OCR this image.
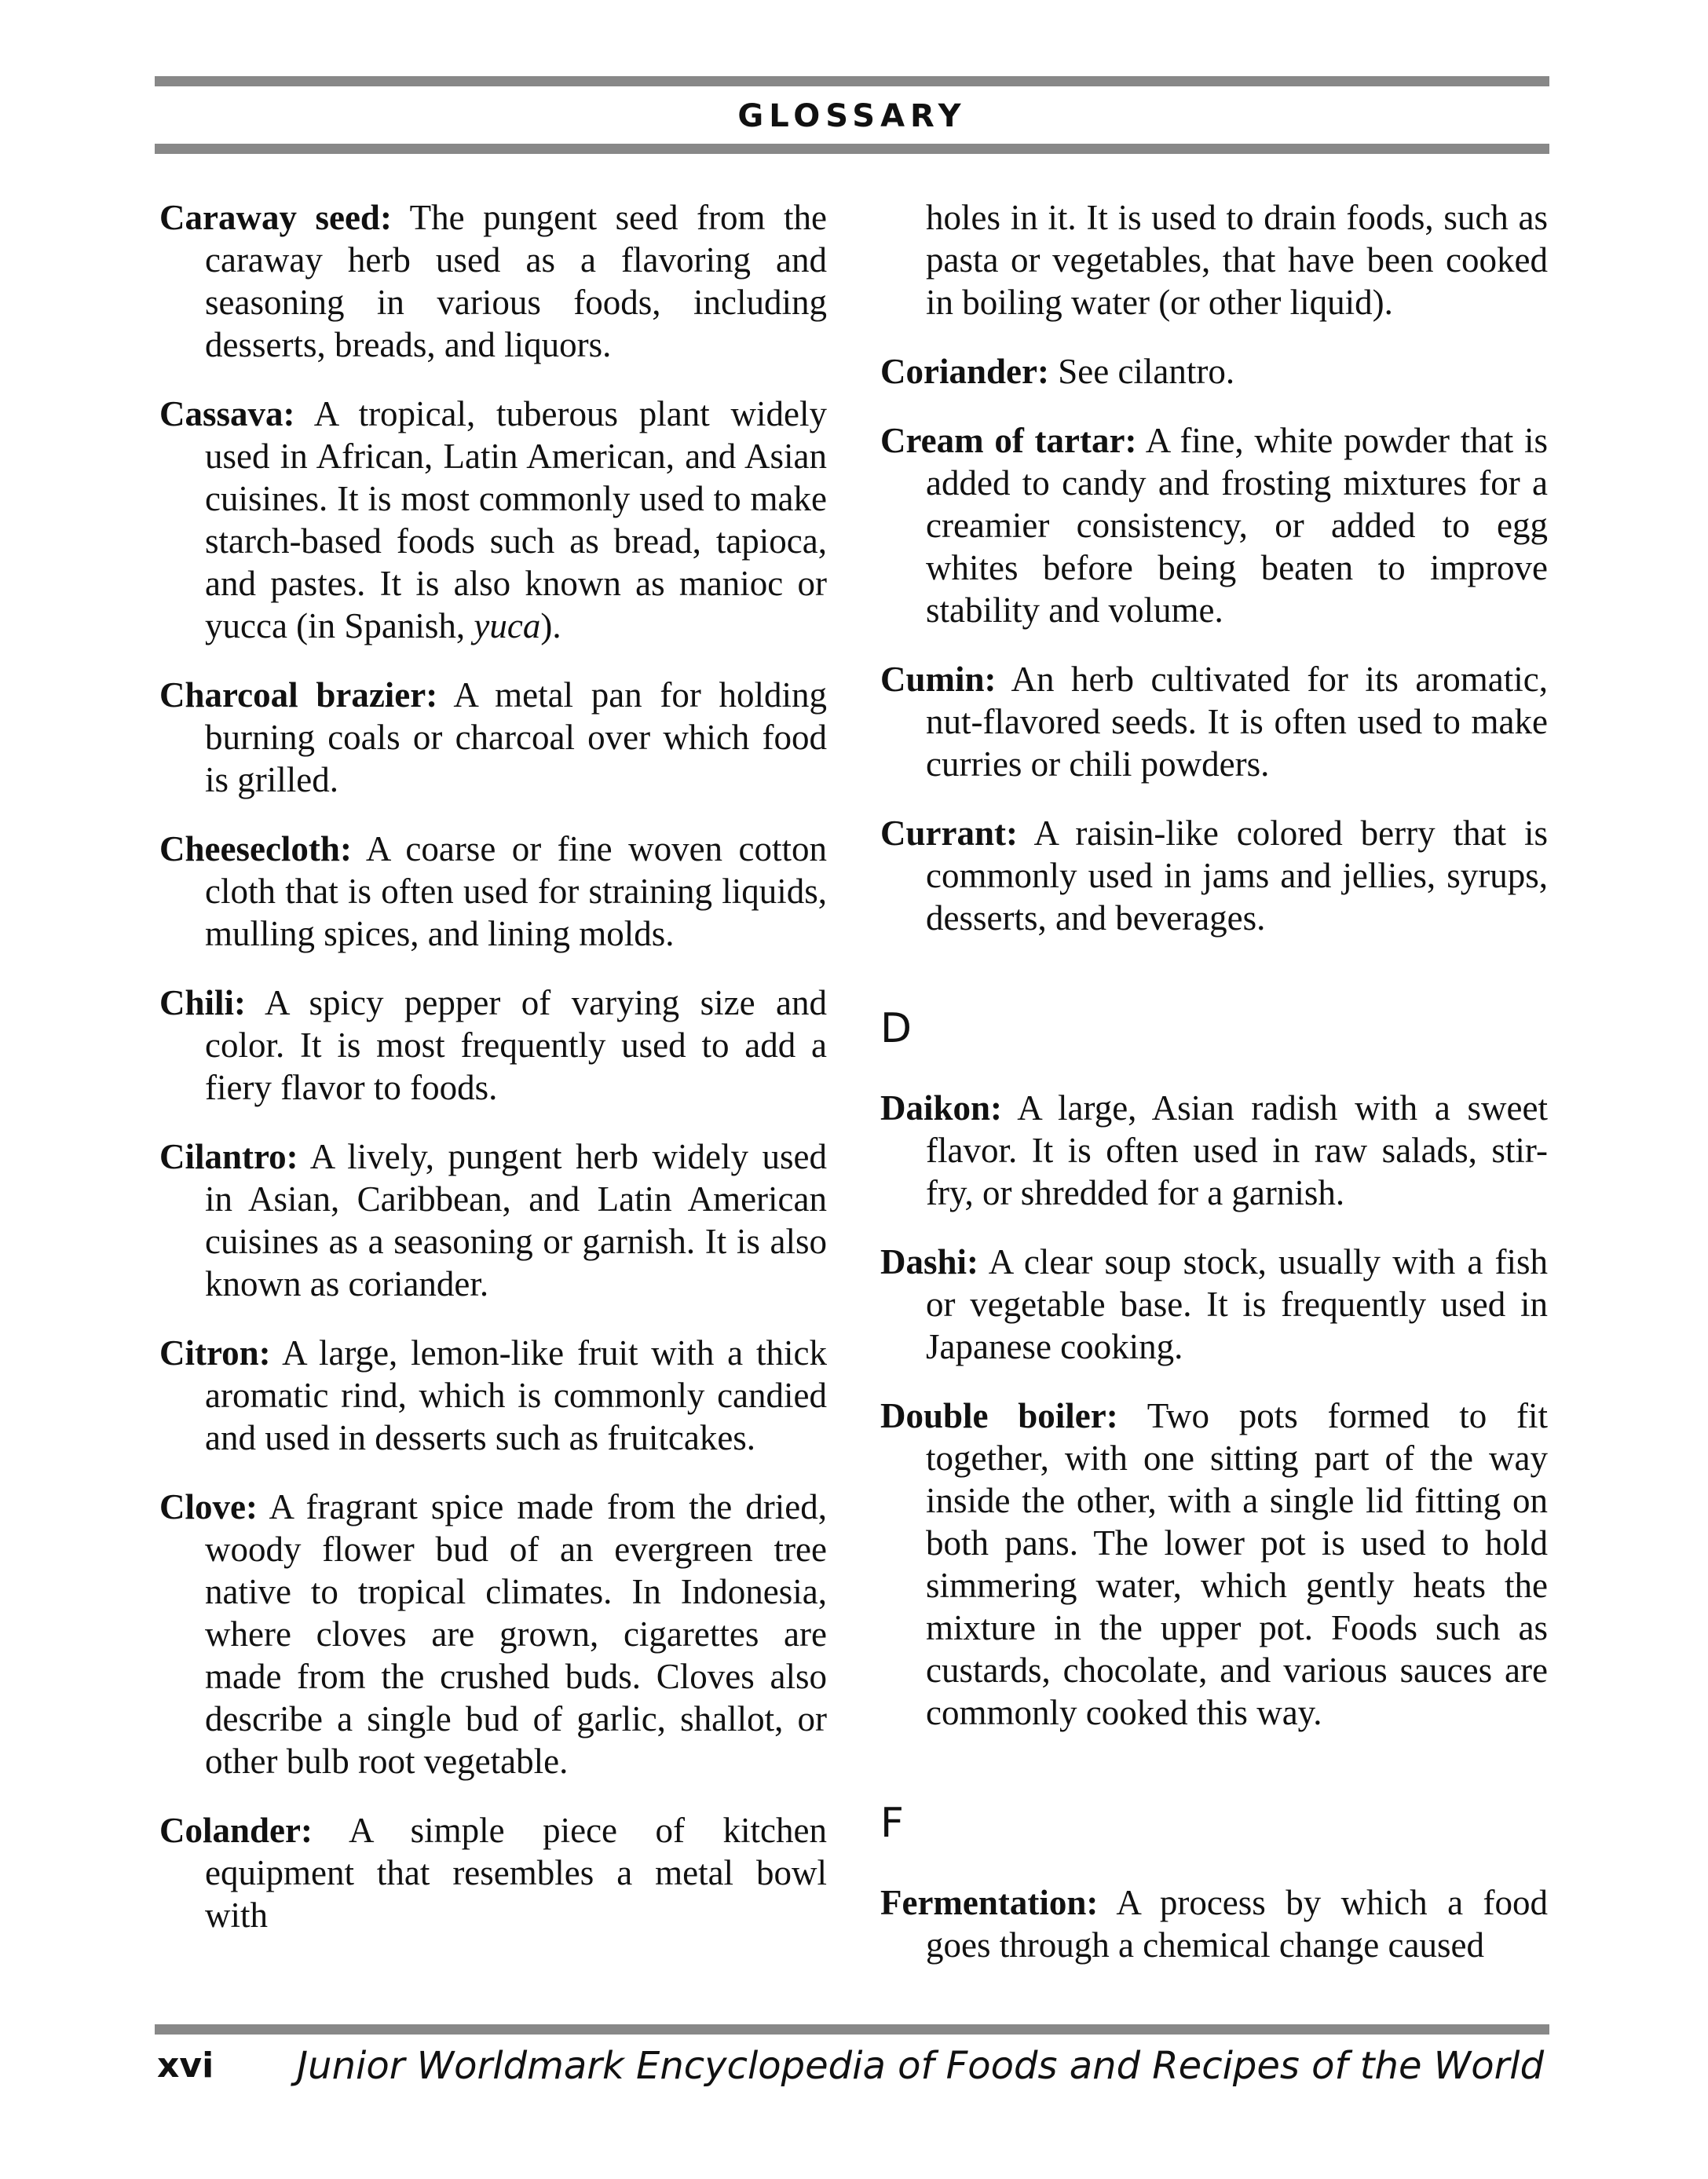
GLOSSARY

Caraway seed: The pungent seed from the caraway herb used as a flavoring and seasoning in various foods, including desserts, breads, and liquors.

Cassava: A tropical, tuberous plant widely used in African, Latin American, and Asian cuisines. It is most commonly used to make starch-based foods such as bread, tapioca, and pastes. It is also known as manioc or yucca (in Spanish, yuca).

Charcoal brazier: A metal pan for holding burning coals or charcoal over which food is grilled.

Cheesecloth: A coarse or fine woven cotton cloth that is often used for straining liquids, mulling spices, and lining molds.

Chili: A spicy pepper of varying size and color. It is most frequently used to add a fiery flavor to foods.

Cilantro: A lively, pungent herb widely used in Asian, Caribbean, and Latin American cuisines as a seasoning or garnish. It is also known as coriander.

Citron: A large, lemon-like fruit with a thick aromatic rind, which is commonly candied and used in desserts such as fruitcakes.

Clove: A fragrant spice made from the dried, woody flower bud of an evergreen tree native to tropical climates. In Indonesia, where cloves are grown, cigarettes are made from the crushed buds. Cloves also describe a single bud of garlic, shallot, or other bulb root vegetable.

Colander: A simple piece of kitchen equipment that resembles a metal bowl with

holes in it. It is used to drain foods, such as pasta or vegetables, that have been cooked in boiling water (or other liquid).

Coriander: See cilantro.

Cream of tartar: A fine, white powder that is added to candy and frosting mixtures for a creamier consistency, or added to egg whites before being beaten to improve stability and volume.

Cumin: An herb cultivated for its aromatic, nut-flavored seeds. It is often used to make curries or chili powders.

Currant: A raisin-like colored berry that is commonly used in jams and jellies, syrups, desserts, and beverages.

D

Daikon: A large, Asian radish with a sweet flavor. It is often used in raw salads, stir-fry, or shredded for a garnish.

Dashi: A clear soup stock, usually with a fish or vegetable base. It is frequently used in Japanese cooking.

Double boiler: Two pots formed to fit together, with one sitting part of the way inside the other, with a single lid fitting on both pans. The lower pot is used to hold simmering water, which gently heats the mixture in the upper pot. Foods such as custards, chocolate, and various sauces are commonly cooked this way.

F

Fermentation: A process by which a food goes through a chemical change caused

xvi Junior Worldmark Encyclopedia of Foods and Recipes of the World
